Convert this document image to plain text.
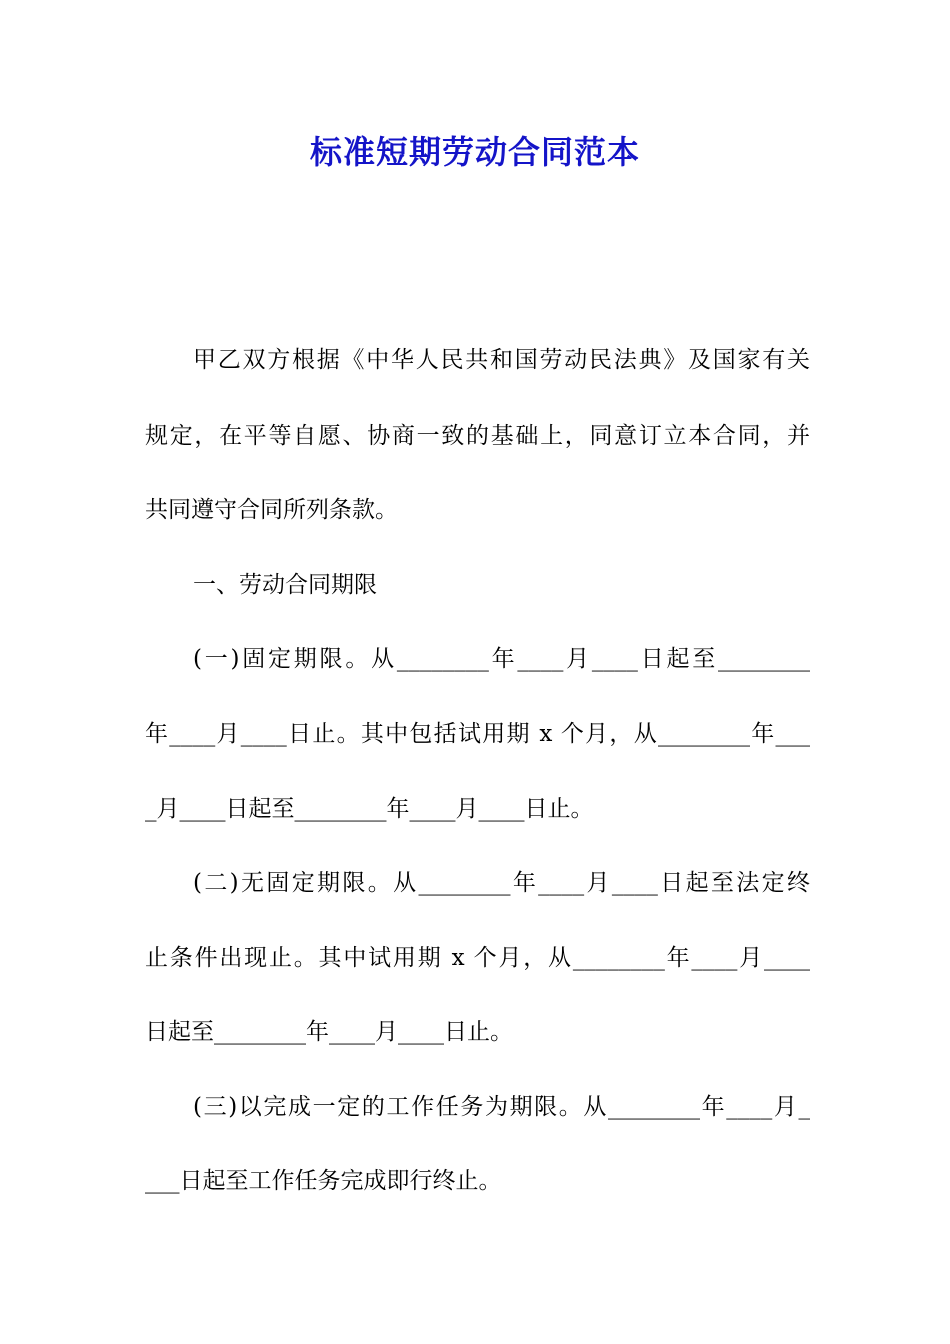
标准短期劳动合同范本
甲乙双方根据《中华人民共和国劳动民法典》及国家有关
规定，在平等自愿、协商一致的基础上，同意订立本合同，并
共同遵守合同所列条款。
一、劳动合同期限
(一)固定期限。从________年____月____日起至________
年____月____日止。其中包括试用期 x 个月，从________年___
_月____日起至________年____月____日止。
(二)无固定期限。从________年____月____日起至法定终
止条件出现止。其中试用期 x 个月，从________年____月____
日起至________年____月____日止。
(三)以完成一定的工作任务为期限。从________年____月_
___日起至工作任务完成即行终止。
